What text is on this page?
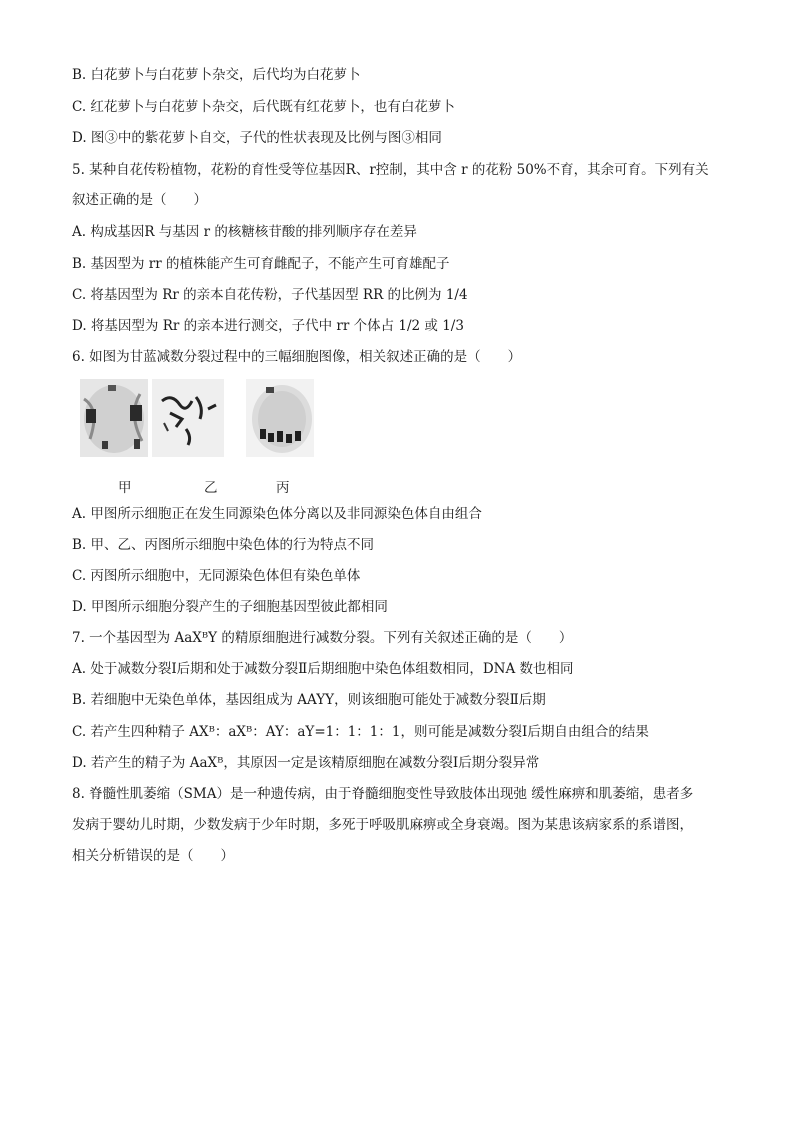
B. 白花萝卜与白花萝卜杂交，后代均为白花萝卜
C. 红花萝卜与白花萝卜杂交，后代既有红花萝卜，也有白花萝卜
D. 图③中的紫花萝卜自交，子代的性状表现及比例与图③相同
5. 某种自花传粉植物，花粉的育性受等位基因R、r控制，其中含 r 的花粉 50%不育，其余可育。下列有关
叙述正确的是（　　）
A. 构成基因R 与基因 r 的核糖核苷酸的排列顺序存在差异
B. 基因型为 rr 的植株能产生可育雌配子，不能产生可育雄配子
C. 将基因型为 Rr 的亲本自花传粉，子代基因型 RR 的比例为 1/4
D. 将基因型为 Rr 的亲本进行测交，子代中 rr 个体占 1/2 或 1/3
6. 如图为甘蓝减数分裂过程中的三幅细胞图像，相关叙述正确的是（　　）
甲	乙	丙
A. 甲图所示细胞正在发生同源染色体分离以及非同源染色体自由组合
B. 甲、乙、丙图所示细胞中染色体的行为特点不同
C. 丙图所示细胞中，无同源染色体但有染色单体
D. 甲图所示细胞分裂产生的子细胞基因型彼此都相同
7. 一个基因型为 AaXᴮY 的精原细胞进行减数分裂。下列有关叙述正确的是（　　）
A. 处于减数分裂Ⅰ后期和处于减数分裂Ⅱ后期细胞中染色体组数相同，DNA 数也相同
B. 若细胞中无染色单体，基因组成为 AAYY，则该细胞可能处于减数分裂Ⅱ后期
C. 若产生四种精子 AXᴮ：aXᴮ：AY：aY=1：1：1：1，则可能是减数分裂Ⅰ后期自由组合的结果
D. 若产生的精子为 AaXᴮ，其原因一定是该精原细胞在减数分裂Ⅰ后期分裂异常
8. 脊髓性肌萎缩（SMA）是一种遗传病，由于脊髓细胞变性导致肢体出现弛 缓性麻痹和肌萎缩，患者多
发病于婴幼儿时期，少数发病于少年时期，多死于呼吸肌麻痹或全身衰竭。图为某患该病家系的系谱图，
相关分析错误的是（　　）
